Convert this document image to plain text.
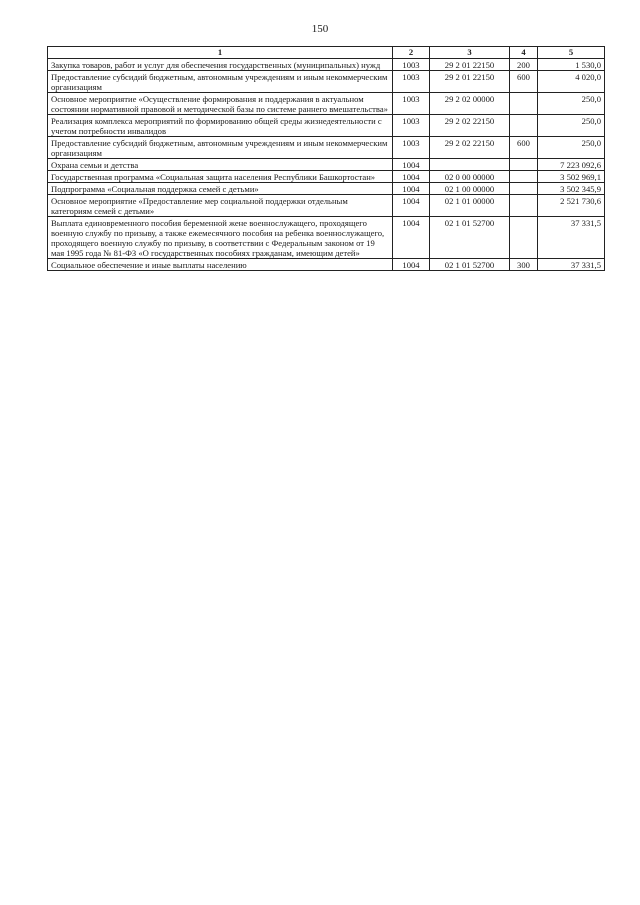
150
1	2	3	4	5
Закупка товаров, работ и услуг для обеспечения государственных (муниципальных) нужд	1003	29 2 01 22150	200	1 530,0
Предоставление субсидий бюджетным, автономным учреждениям и иным некоммерческим организациям	1003	29 2 01 22150	600	4 020,0
Основное мероприятие «Осуществление формирования и поддержания в актуальном состоянии нормативной правовой и методической базы по системе раннего вмешательства»	1003	29 2 02 00000		250,0
Реализация комплекса мероприятий по формированию общей среды жизнедеятельности с учетом потребности инвалидов	1003	29 2 02 22150		250,0
Предоставление субсидий бюджетным, автономным учреждениям и иным некоммерческим организациям	1003	29 2 02 22150	600	250,0
Охрана семьи и детства	1004			7 223 092,6
Государственная программа «Социальная защита населения Республики Башкортостан»	1004	02 0 00 00000		3 502 969,1
Подпрограмма «Социальная поддержка семей с детьми»	1004	02 1 00 00000		3 502 345,9
Основное мероприятие «Предоставление мер социальной поддержки отдельным категориям семей с детьми»	1004	02 1 01 00000		2 521 730,6
Выплата единовременного пособия беременной жене военнослужащего, проходящего военную службу по призыву, а также ежемесячного пособия на ребенка военнослужащего, проходящего военную службу по призыву, в соответствии с Федеральным законом от 19 мая 1995 года № 81-ФЗ «О государственных пособиях гражданам, имеющим детей»	1004	02 1 01 52700		37 331,5
Социальное обеспечение и иные выплаты населению	1004	02 1 01 52700	300	37 331,5
